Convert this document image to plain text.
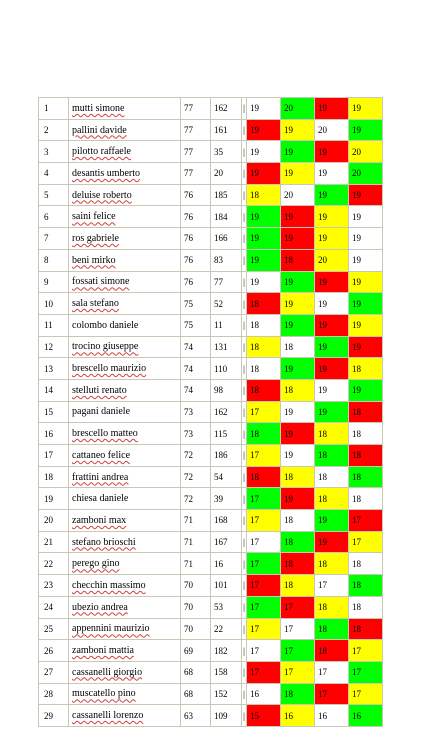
1	mutti simone	77	162	|	19	20	19	19
2	pallini davide	77	161	|	19	19	20	19
3	pilotto raffaele	77	35	|	19	19	19	20
4	desantis umberto	77	20	|	19	19	19	20
5	deluise roberto	76	185	|	18	20	19	19
6	saini felice	76	184	|	19	19	19	19
7	ros gabriele	76	166	|	19	19	19	19
8	beni mirko	76	83	|	19	18	20	19
9	fossati simone	76	77	|	19	19	19	19
10	sala stefano	75	52	|	18	19	19	19
11	colombo daniele	75	11	|	18	19	19	19
12	trocino giuseppe	74	131	|	18	18	19	19
13	brescello maurizio	74	110	|	18	19	19	18
14	stelluti renato	74	98	|	18	18	19	19
15	pagani daniele	73	162	|	17	19	19	18
16	brescello matteo	73	115	|	18	19	18	18
17	cattaneo felice	72	186	|	17	19	18	18
18	frattini andrea	72	54	|	18	18	18	18
19	chiesa daniele	72	39	|	17	19	18	18
20	zamboni max	71	168	|	17	18	19	17
21	stefano brioschi	71	167	|	17	18	19	17
22	perego gino	71	16	|	17	18	18	18
23	checchin massimo	70	101	|	17	18	17	18
24	ubezio andrea	70	53	|	17	17	18	18
25	appennini maurizio	70	22	|	17	17	18	18
26	zamboni mattia	69	182	|	17	17	18	17
27	cassanelli giorgio	68	158	|	17	17	17	17
28	muscatello pino	68	152	|	16	18	17	17
29	cassanelli lorenzo	63	109	|	15	16	16	16
